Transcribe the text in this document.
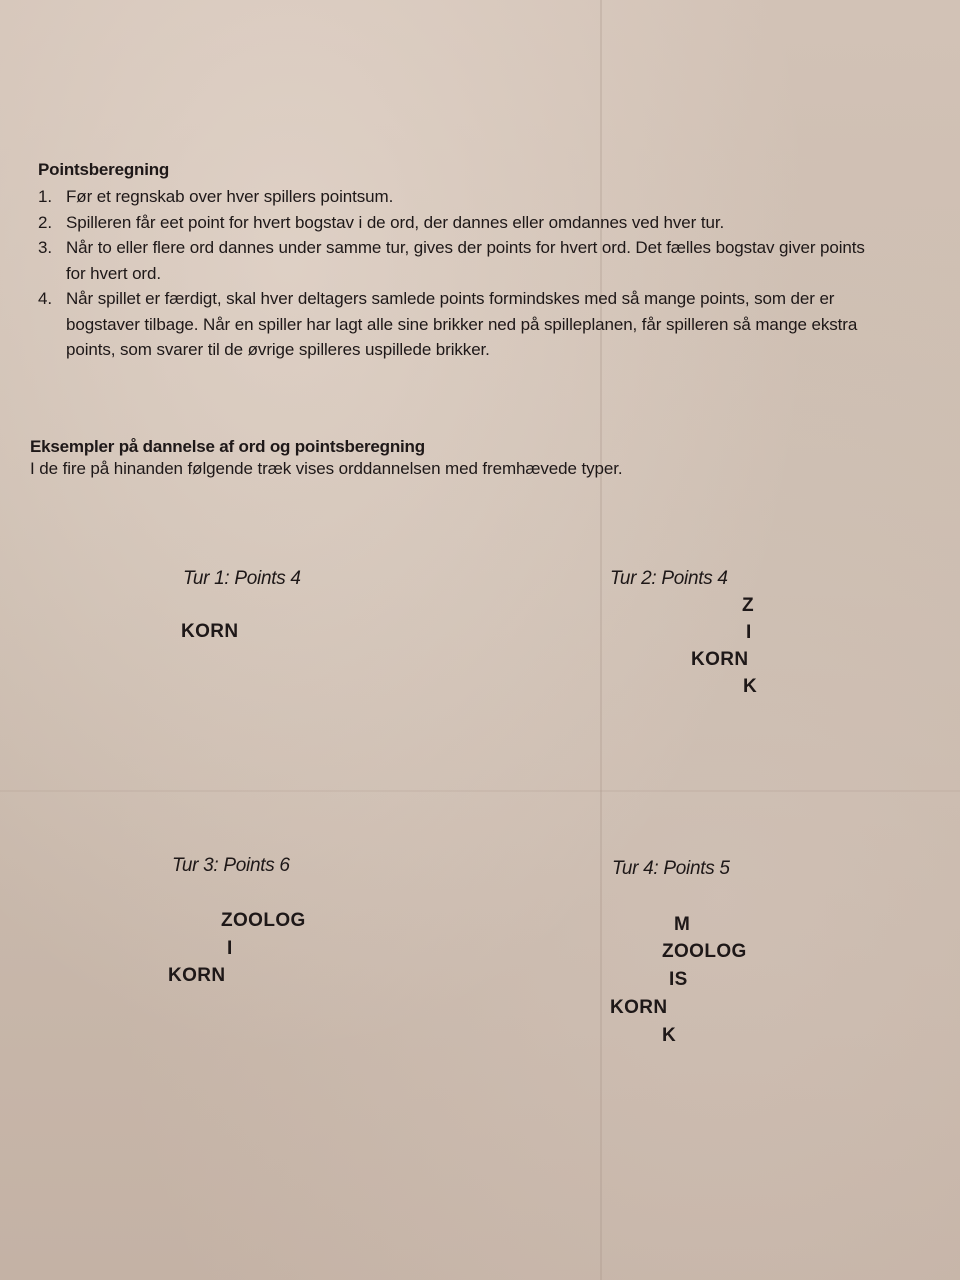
Pointsberegning
1. Før et regnskab over hver spillers pointsum.
2. Spilleren får eet point for hvert bogstav i de ord, der dannes eller omdannes ved hver tur.
3. Når to eller flere ord dannes under samme tur, gives der points for hvert ord. Det fælles bogstav giver points for hvert ord.
4. Når spillet er færdigt, skal hver deltagers samlede points formindskes med så mange points, som der er bogstaver tilbage. Når en spiller har lagt alle sine brikker ned på spilleplanen, får spilleren så mange ekstra points, som svarer til de øvrige spilleres uspillede brikker.
Eksempler på dannelse af ord og pointsberegning
I de fire på hinanden følgende træk vises orddannelsen med fremhævede typer.
Tur 1: Points 4
KORN
Tur 2: Points 4
Z
I
KORN
K
Tur 3: Points 6
ZOOLOG
I
KORN
Tur 4: Points 5
M
ZOOLOG
IS
KORN
K
